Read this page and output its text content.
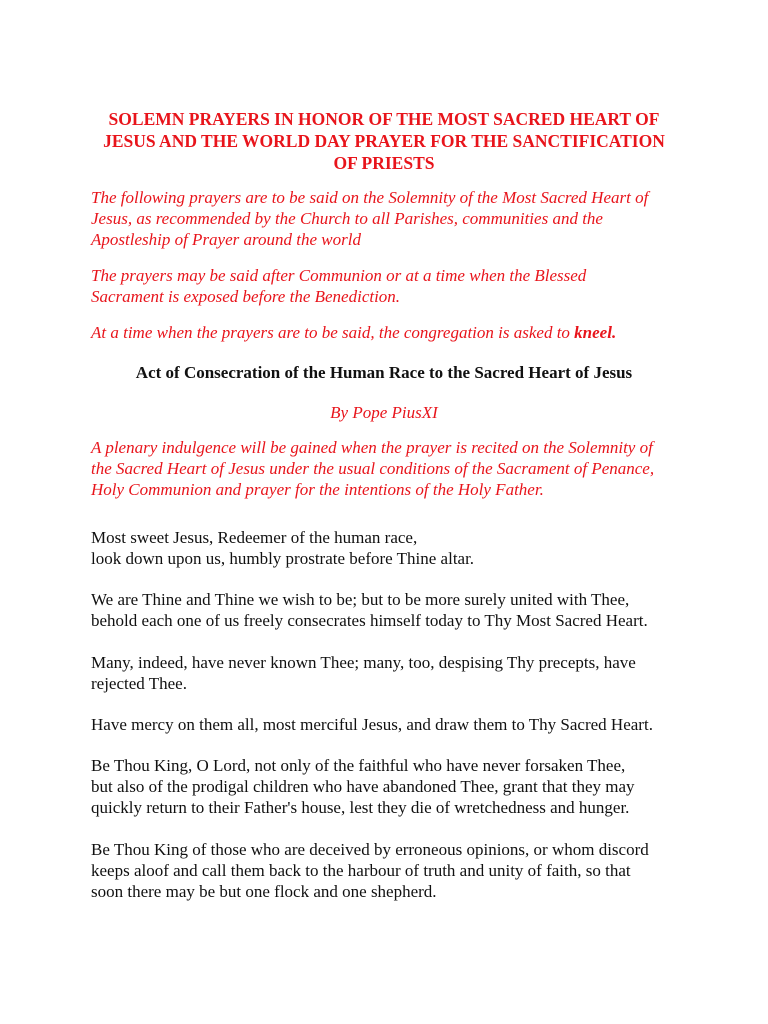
SOLEMN PRAYERS IN HONOR OF THE MOST SACRED HEART OF
JESUS AND THE WORLD DAY PRAYER FOR THE SANCTIFICATION
OF PRIESTS

The following prayers are to be said on the Solemnity of the Most Sacred Heart of
Jesus, as recommended by the Church to all Parishes, communities and the
Apostleship of Prayer around the world

The prayers may be said after Communion or at a time when the Blessed
Sacrament is exposed before the Benediction.

At a time when the prayers are to be said, the congregation is asked to kneel.

Act of Consecration of the Human Race to the Sacred Heart of Jesus

By Pope PiusXI

A plenary indulgence will be gained when the prayer is recited on the Solemnity of
the Sacred Heart of Jesus under the usual conditions of the Sacrament of Penance,
Holy Communion and prayer for the intentions of the Holy Father.

Most sweet Jesus, Redeemer of the human race,
look down upon us, humbly prostrate before Thine altar.

We are Thine and Thine we wish to be; but to be more surely united with Thee,
behold each one of us freely consecrates himself today to Thy Most Sacred Heart.

Many, indeed, have never known Thee; many, too, despising Thy precepts, have
rejected Thee.

Have mercy on them all, most merciful Jesus, and draw them to Thy Sacred Heart.

Be Thou King, O Lord, not only of the faithful who have never forsaken Thee,
but also of the prodigal children who have abandoned Thee, grant that they may
quickly return to their Father's house, lest they die of wretchedness and hunger.

Be Thou King of those who are deceived by erroneous opinions, or whom discord
keeps aloof and call them back to the harbour of truth and unity of faith, so that
soon there may be but one flock and one shepherd.
